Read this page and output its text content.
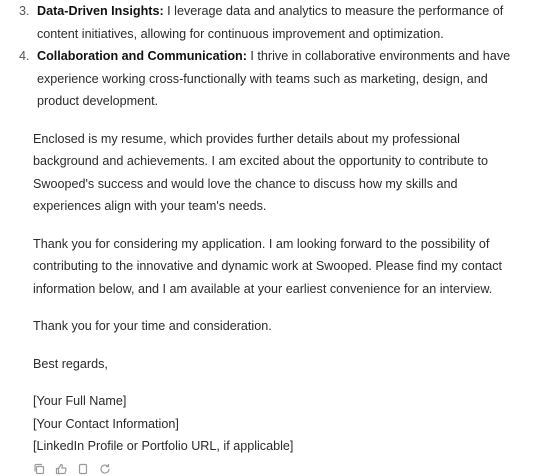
3. Data-Driven Insights: I leverage data and analytics to measure the performance of content initiatives, allowing for continuous improvement and optimization.
4. Collaboration and Communication: I thrive in collaborative environments and have experience working cross-functionally with teams such as marketing, design, and product development.

Enclosed is my resume, which provides further details about my professional background and achievements. I am excited about the opportunity to contribute to Swooped's success and would love the chance to discuss how my skills and experiences align with your team's needs.

Thank you for considering my application. I am looking forward to the possibility of contributing to the innovative and dynamic work at Swooped. Please find my contact information below, and I am available at your earliest convenience for an interview.

Thank you for your time and consideration.

Best regards,

[Your Full Name]
[Your Contact Information]
[LinkedIn Profile or Portfolio URL, if applicable]
